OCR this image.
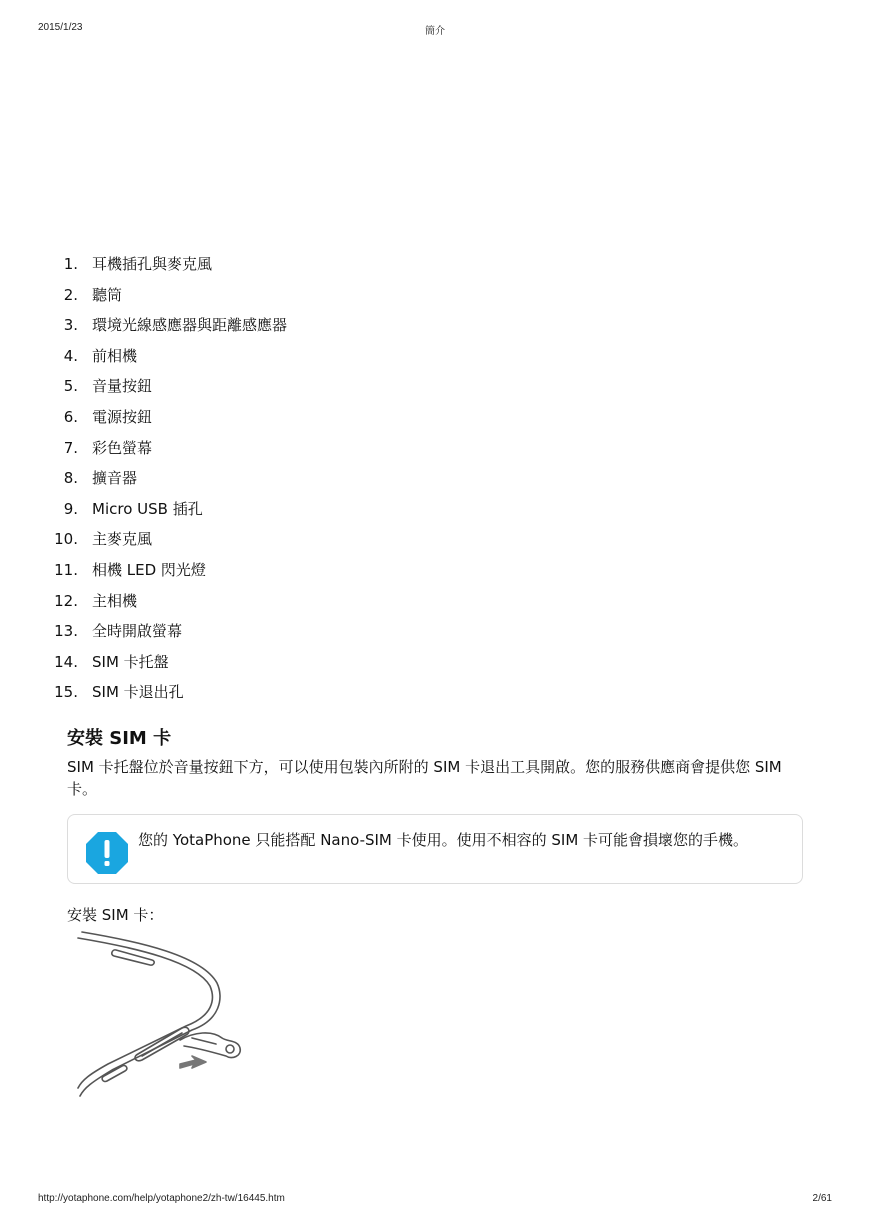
2015/1/23	簡介
1. 耳機插孔與麥克風
2. 聽筒
3. 環境光線感應器與距離感應器
4. 前相機
5. 音量按鈕
6. 電源按鈕
7. 彩色螢幕
8. 擴音器
9. Micro USB 插孔
10. 主麥克風
11. 相機 LED 閃光燈
12. 主相機
13. 全時開啟螢幕
14. SIM 卡托盤
15. SIM 卡退出孔
安裝 SIM 卡

SIM 卡托盤位於音量按鈕下方，可以使用包裝內所附的 SIM 卡退出工具開啟。您的服務供應商會提供您 SIM 卡。

您的 YotaPhone 只能搭配 Nano-SIM 卡使用。使用不相容的 SIM 卡可能會損壞您的手機。
安裝 SIM 卡：
http://yotaphone.com/help/yotaphone2/zh-tw/16445.htm	2/61
